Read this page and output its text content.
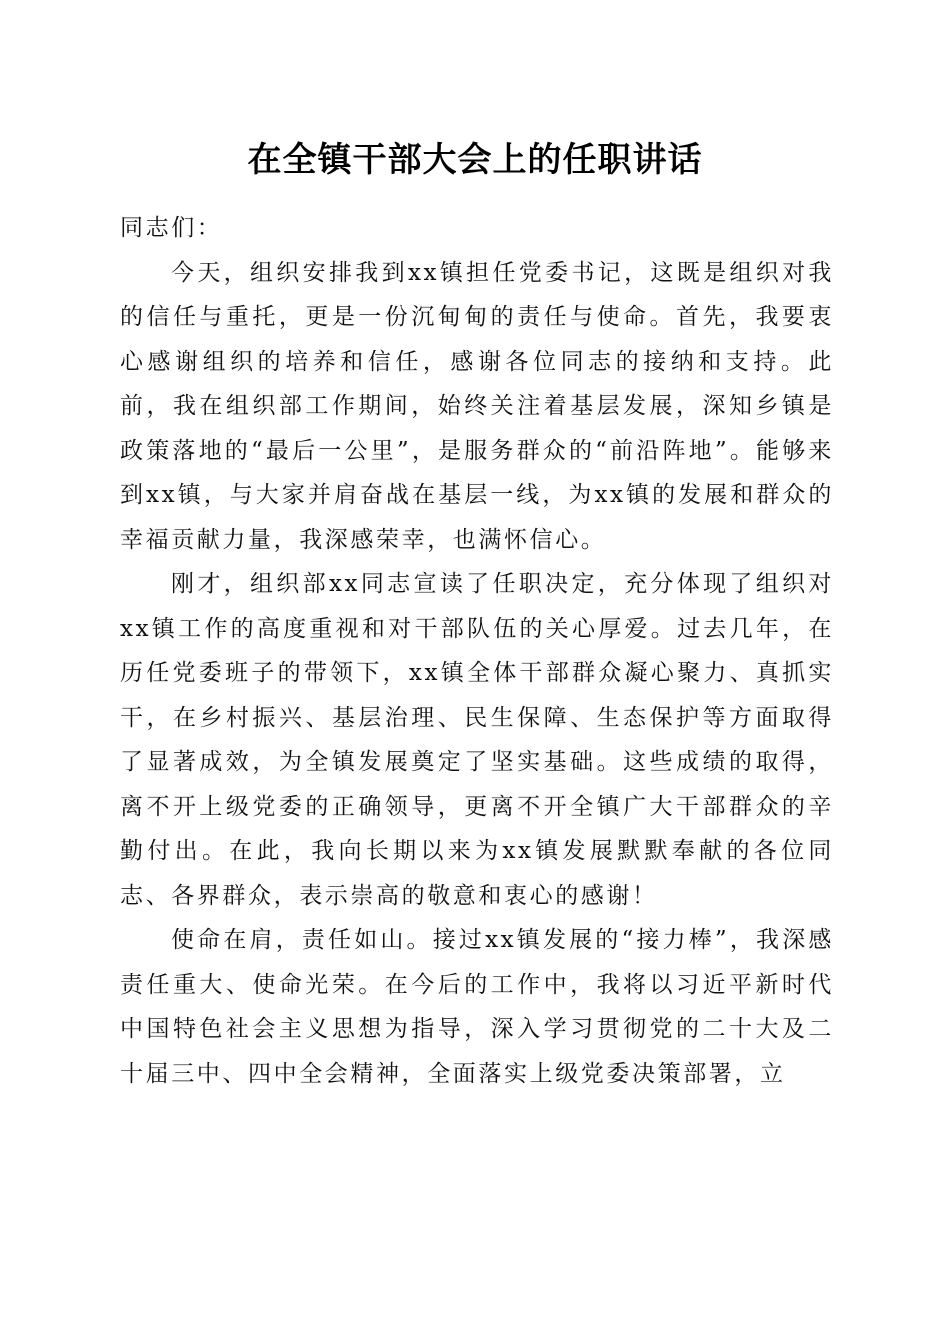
在全镇干部大会上的任职讲话

同志们：

今天，组织安排我到xx镇担任党委书记，这既是组织对我的信任与重托，更是一份沉甸甸的责任与使命。首先，我要衷心感谢组织的培养和信任，感谢各位同志的接纳和支持。此前，我在组织部工作期间，始终关注着基层发展，深知乡镇是政策落地的“最后一公里”，是服务群众的“前沿阵地”。能够来到xx镇，与大家并肩奋战在基层一线，为xx镇的发展和群众的幸福贡献力量，我深感荣幸，也满怀信心。

刚才，组织部xx同志宣读了任职决定，充分体现了组织对xx镇工作的高度重视和对干部队伍的关心厚爱。过去几年，在历任党委班子的带领下，xx镇全体干部群众凝心聚力、真抓实干，在乡村振兴、基层治理、民生保障、生态保护等方面取得了显著成效，为全镇发展奠定了坚实基础。这些成绩的取得，离不开上级党委的正确领导，更离不开全镇广大干部群众的辛勤付出。在此，我向长期以来为xx镇发展默默奉献的各位同志、各界群众，表示崇高的敬意和衷心的感谢！

使命在肩，责任如山。接过xx镇发展的“接力棒”，我深感责任重大、使命光荣。在今后的工作中，我将以习近平新时代中国特色社会主义思想为指导，深入学习贯彻党的二十大及二十届三中、四中全会精神，全面落实上级党委决策部署，立
